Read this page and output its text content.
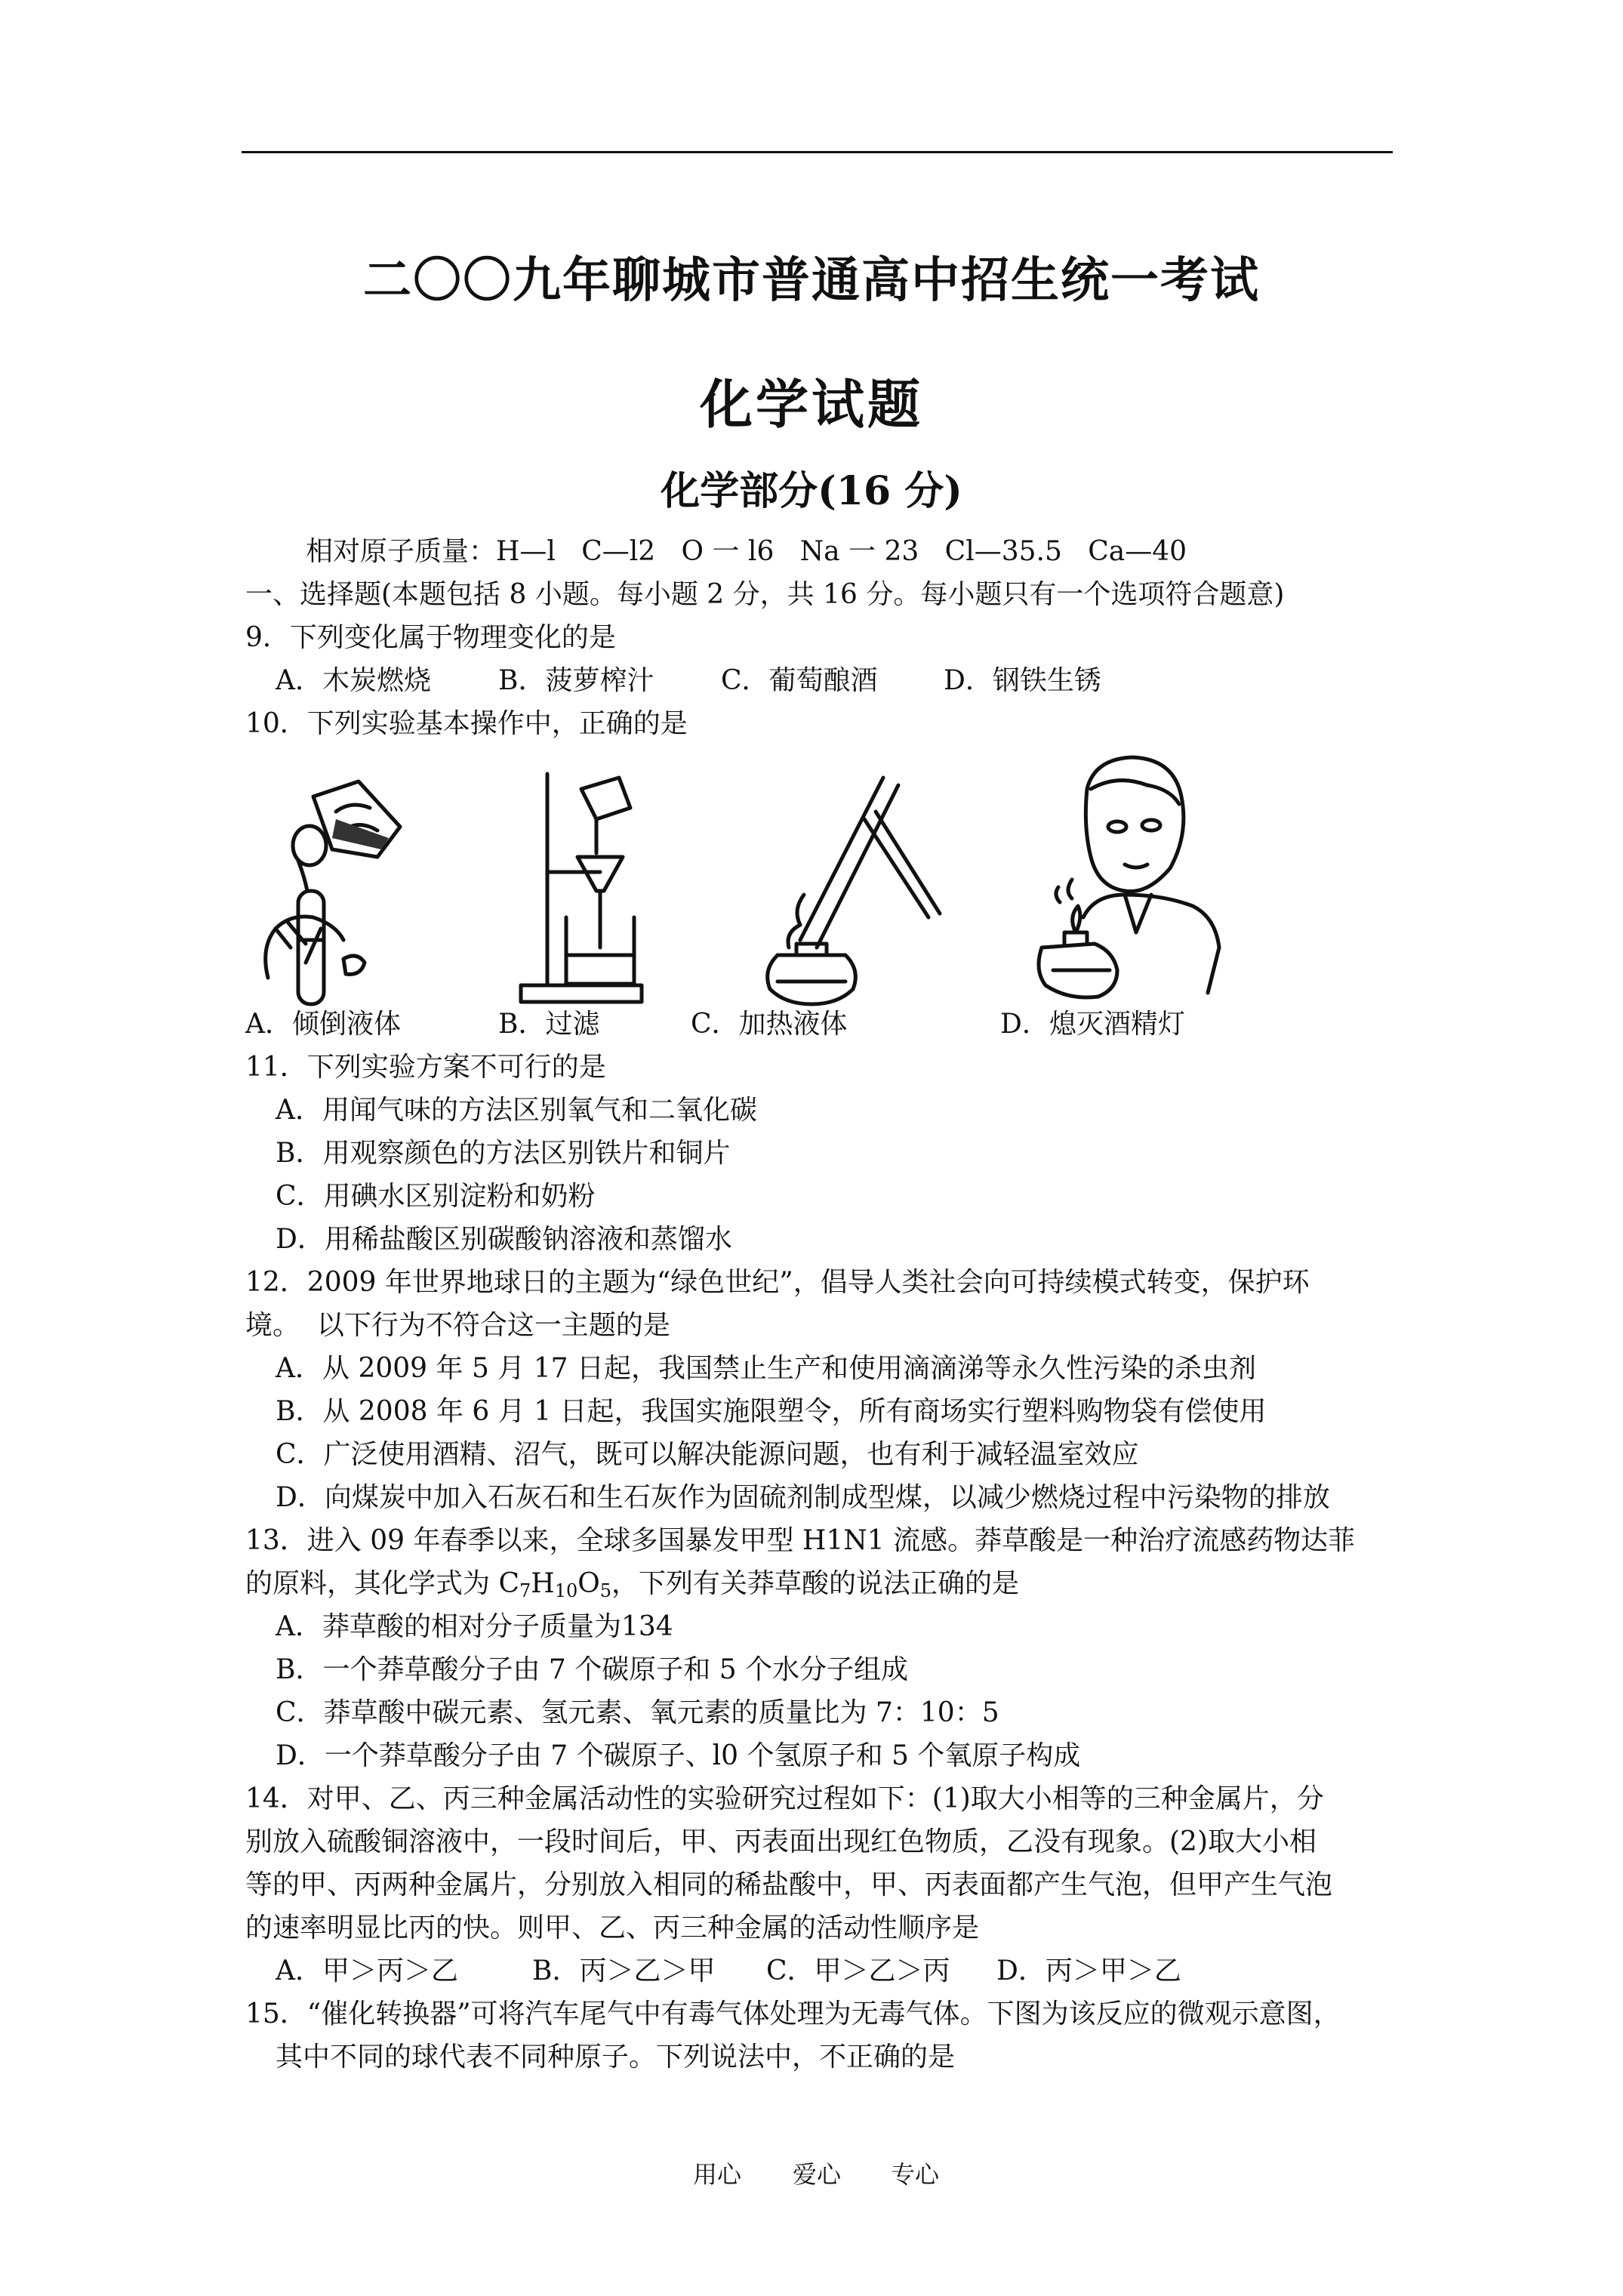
二〇〇九年聊城市普通高中招生统一考试
化学试题
化学部分(16 分)
相对原子质量：H—l   C—l2   O 一 l6   Na 一 23   Cl—35.5   Ca—40
一、选择题(本题包括 8 小题。每小题 2 分，共 16 分。每小题只有一个选项符合题意)
9．下列变化属于物理变化的是
A．木炭燃烧 B．菠萝榨汁 C．葡萄酿酒 D．钢铁生锈
10．下列实验基本操作中，正确的是
A．倾倒液体	B．过滤	C．加热液体	D．熄灭酒精灯
11．下列实验方案不可行的是
A．用闻气味的方法区别氧气和二氧化碳
B．用观察颜色的方法区别铁片和铜片
C．用碘水区别淀粉和奶粉
D．用稀盐酸区别碳酸钠溶液和蒸馏水
12．2009 年世界地球日的主题为“绿色世纪”，倡导人类社会向可持续模式转变，保护环
境。  以下行为不符合这一主题的是
A．从 2009 年 5 月 17 日起，我国禁止生产和使用滴滴涕等永久性污染的杀虫剂
B．从 2008 年 6 月 1 日起，我国实施限塑令，所有商场实行塑料购物袋有偿使用
C．广泛使用酒精、沼气，既可以解决能源问题，也有利于减轻温室效应
D．向煤炭中加入石灰石和生石灰作为固硫剂制成型煤，以减少燃烧过程中污染物的排放
13．进入 09 年春季以来，全球多国暴发甲型 H1N1 流感。莽草酸是一种治疗流感药物达菲
的原料，其化学式为 $C_7H_{10}O_5$，下列有关莽草酸的说法正确的是
A．莽草酸的相对分子质量为134
B．一个莽草酸分子由 7 个碳原子和 5 个水分子组成
C．莽草酸中碳元素、氢元素、氧元素的质量比为 7：10：5
D．一个莽草酸分子由 7 个碳原子、l0 个氢原子和 5 个氧原子构成
14．对甲、乙、丙三种金属活动性的实验研究过程如下：(1)取大小相等的三种金属片，分
别放入硫酸铜溶液中，一段时间后，甲、丙表面出现红色物质，乙没有现象。(2)取大小相
等的甲、丙两种金属片，分别放入相同的稀盐酸中，甲、丙表面都产生气泡，但甲产生气泡
的速率明显比丙的快。则甲、乙、丙三种金属的活动性顺序是
A．甲＞丙＞乙	B．丙＞乙＞甲 C．甲＞乙＞丙 D．丙＞甲＞乙
15．“催化转换器”可将汽车尾气中有毒气体处理为无毒气体。下图为该反应的微观示意图，
其中不同的球代表不同种原子。下列说法中，不正确的是
用心 爱心 专心
